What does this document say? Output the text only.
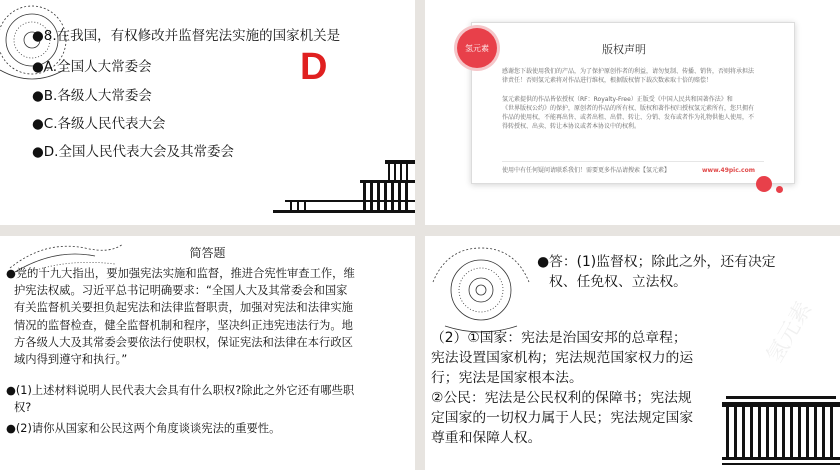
●8.在我国，有权修改并监督宪法实施的国家机关是
●A.全国人大常委会
●B.各级人大常委会
●C.各级人民代表大会
●D.全国人民代表大会及其常委会
D	版权声明
感谢您下载使用我们的产品，为了保护原创作者的利益，请勿复制、传播、销售，否则将承担法
律责任！否则氢元素将对作品进行维权，根据版权情下载次数索取十倍的赔偿！
氢元素提供的作品皆依授权（RF：Royalty-Free）正版受《中国人民共和国著作法》和
《世界版权公约》的保护，原创者的作品的所有权、版权和著作权归授权氢元素所有，您只拥有
作品的使用权，不能再出售、或者出租、出借、转让、分销、发布或者作为礼物供他人使用，不
得转授权、出卖、转让本协议或者本协议中的权利。
使用中有任何疑问请联系我们！需要更多作品请搜索【氢元素】	www.49pic.com
氢元素
简答题
●党的十九大指出，要加强宪法实施和监督，推进合宪性审查工作，维
护宪法权威。习近平总书记明确要求：“全国人大及其常委会和国家
有关监督机关要担负起宪法和法律监督职责，加强对宪法和法律实施
情况的监督检查，健全监督机制和程序，坚决纠正违宪违法行为。地
方各级人大及其常委会要依法行使职权，保证宪法和法律在本行政区
域内得到遵守和执行。”
●(1)上述材料说明人民代表大会具有什么职权?除此之外它还有哪些职
权?
●(2)请你从国家和公民这两个角度谈谈宪法的重要性。
●答：(1)监督权；除此之外，还有决定
权、任免权、立法权。
（2）①国家：宪法是治国安邦的总章程；
宪法设置国家机构；宪法规范国家权力的运
行；宪法是国家根本法。
②公民：宪法是公民权利的保障书；宪法规
定国家的一切权力属于人民；宪法规定国家
尊重和保障人权。
氢元素
